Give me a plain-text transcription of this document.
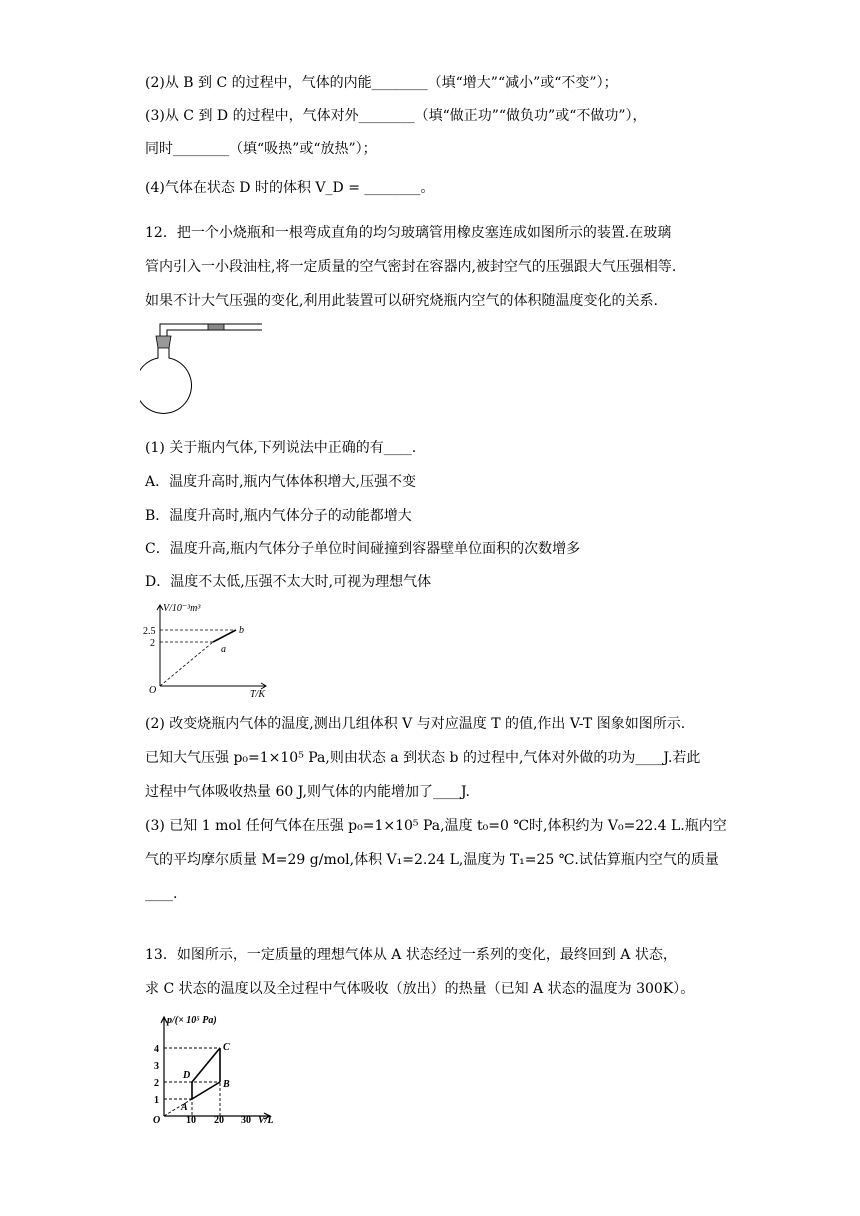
(2)从 B 到 C 的过程中，气体的内能________（填“增大”“减小”或“不变”）；
(3)从 C 到 D 的过程中，气体对外________（填“做正功”“做负功”或“不做功”），
同时________（填“吸热”或“放热”）；
(4)气体在状态 D 时的体积 V_D = ________。
12．把一个小烧瓶和一根弯成直角的均匀玻璃管用橡皮塞连成如图所示的装置.在玻璃
管内引入一小段油柱,将一定质量的空气密封在容器内,被封空气的压强跟大气压强相等.
如果不计大气压强的变化,利用此装置可以研究烧瓶内空气的体积随温度变化的关系.
(1) 关于瓶内气体,下列说法中正确的有____.
A．温度升高时,瓶内气体体积增大,压强不变
B．温度升高时,瓶内气体分子的动能都增大
C．温度升高,瓶内气体分子单位时间碰撞到容器壁单位面积的次数增多
D．温度不太低,压强不太大时,可视为理想气体
V/10⁻³m³
2.5
2
b
a
O	T/K
(2) 改变烧瓶内气体的温度,测出几组体积 V 与对应温度 T 的值,作出 V-T 图象如图所示.
已知大气压强 p₀=1×10⁵ Pa,则由状态 a 到状态 b 的过程中,气体对外做的功为____J.若此
过程中气体吸收热量 60 J,则气体的内能增加了____J.
(3) 已知 1 mol 任何气体在压强 p₀=1×10⁵ Pa,温度 t₀=0 ℃时,体积约为 V₀=22.4 L.瓶内空
气的平均摩尔质量 M=29 g/mol,体积 V₁=2.24 L,温度为 T₁=25 ℃.试估算瓶内空气的质量
____.
13．如图所示，一定质量的理想气体从 A 状态经过一系列的变化，最终回到 A 状态，
求 C 状态的温度以及全过程中气体吸收（放出）的热量（已知 A 状态的温度为 300K）。
p/(× 10⁵ Pa)
4
3
2
1
A
B
C
D
O	10 20 30 V/L
